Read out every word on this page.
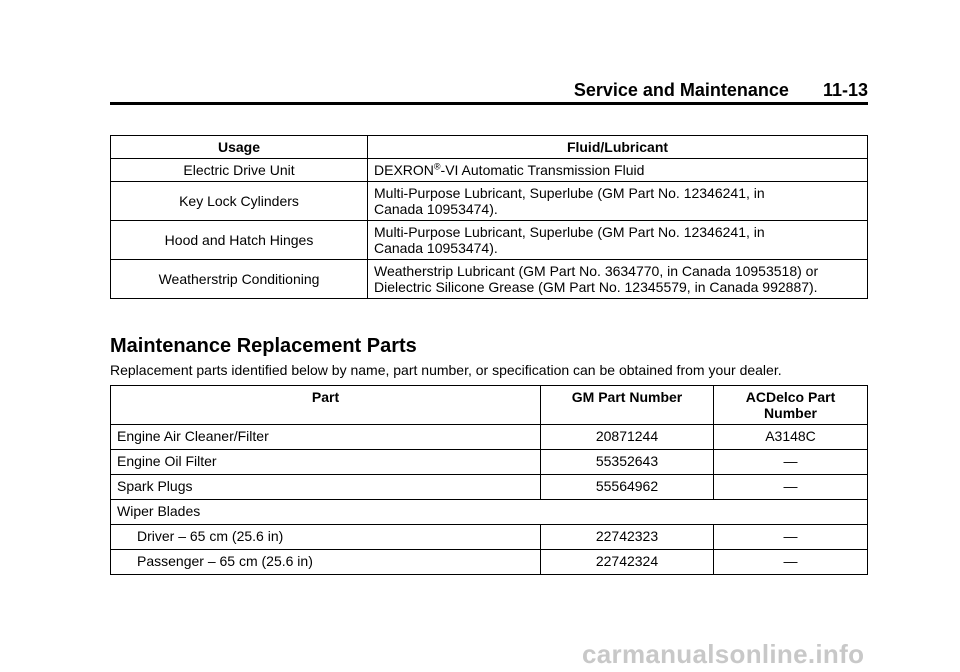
Service and Maintenance 11-13
Usage	Fluid/Lubricant
Electric Drive Unit	DEXRON®-VI Automatic Transmission Fluid
Key Lock Cylinders	Multi-Purpose Lubricant, Superlube (GM Part No. 12346241, in
Canada 10953474).
Hood and Hatch Hinges	Multi-Purpose Lubricant, Superlube (GM Part No. 12346241, in
Canada 10953474).
Weatherstrip Conditioning	Weatherstrip Lubricant (GM Part No. 3634770, in Canada 10953518) or
Dielectric Silicone Grease (GM Part No. 12345579, in Canada 992887).
Maintenance Replacement Parts
Replacement parts identified below by name, part number, or specification can be obtained from your dealer.
Part	GM Part Number	ACDelco Part Number
Engine Air Cleaner/Filter	20871244	A3148C
Engine Oil Filter	55352643	—
Spark Plugs	55564962	—
Wiper Blades		
Driver – 65 cm (25.6 in)	22742323	—
Passenger – 65 cm (25.6 in)	22742324	—
carmanualsonline.info
